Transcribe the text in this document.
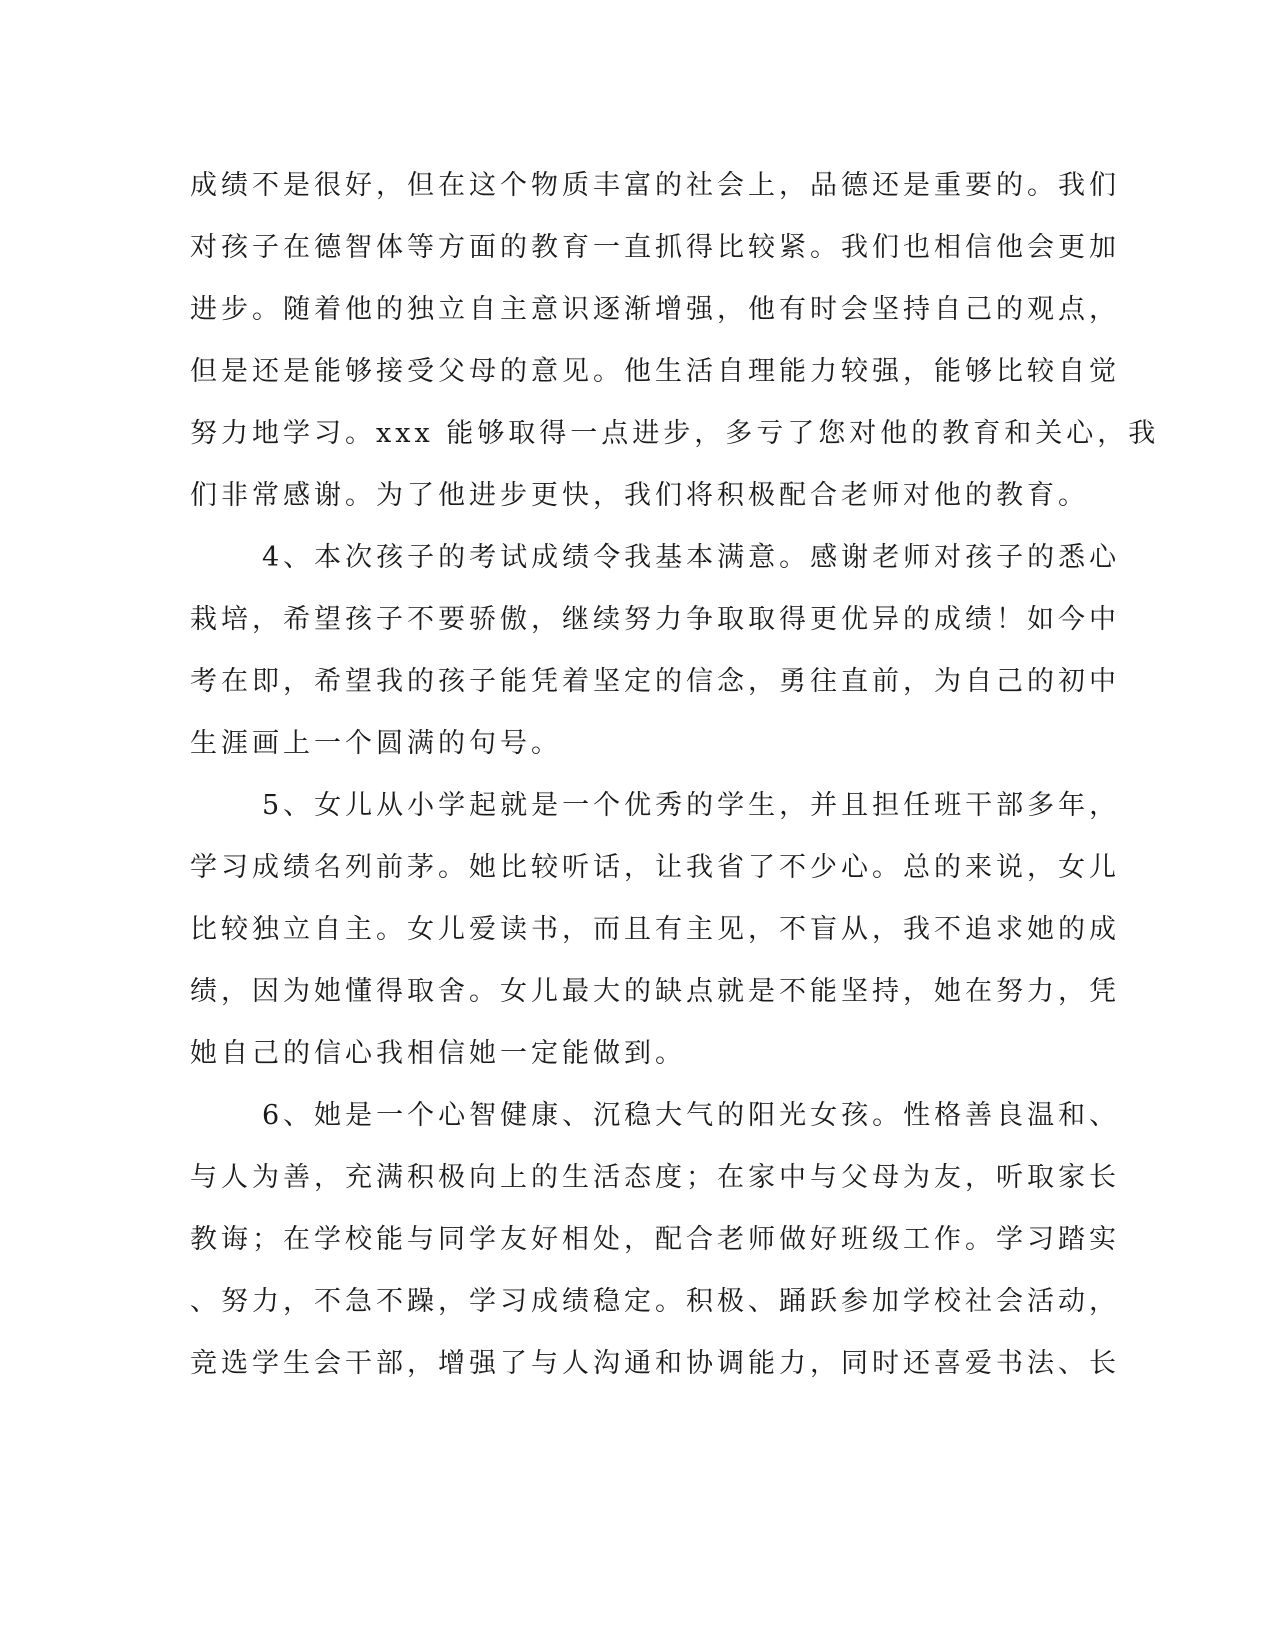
成绩不是很好，但在这个物质丰富的社会上，品德还是重要的。我们

对孩子在德智体等方面的教育一直抓得比较紧。我们也相信他会更加

进步。随着他的独立自主意识逐渐增强，他有时会坚持自己的观点，

但是还是能够接受父母的意见。他生活自理能力较强，能够比较自觉

努力地学习。xxx 能够取得一点进步，多亏了您对他的教育和关心，我

们非常感谢。为了他进步更快，我们将积极配合老师对他的教育。

4、本次孩子的考试成绩令我基本满意。感谢老师对孩子的悉心

栽培，希望孩子不要骄傲，继续努力争取取得更优异的成绩！如今中

考在即，希望我的孩子能凭着坚定的信念，勇往直前，为自己的初中

生涯画上一个圆满的句号。

5、女儿从小学起就是一个优秀的学生，并且担任班干部多年，

学习成绩名列前茅。她比较听话，让我省了不少心。总的来说，女儿

比较独立自主。女儿爱读书，而且有主见，不盲从，我不追求她的成

绩，因为她懂得取舍。女儿最大的缺点就是不能坚持，她在努力，凭

她自己的信心我相信她一定能做到。

6、她是一个心智健康、沉稳大气的阳光女孩。性格善良温和、

与人为善，充满积极向上的生活态度；在家中与父母为友，听取家长

教诲；在学校能与同学友好相处，配合老师做好班级工作。学习踏实

、努力，不急不躁，学习成绩稳定。积极、踊跃参加学校社会活动，

竞选学生会干部，增强了与人沟通和协调能力，同时还喜爱书法、长
